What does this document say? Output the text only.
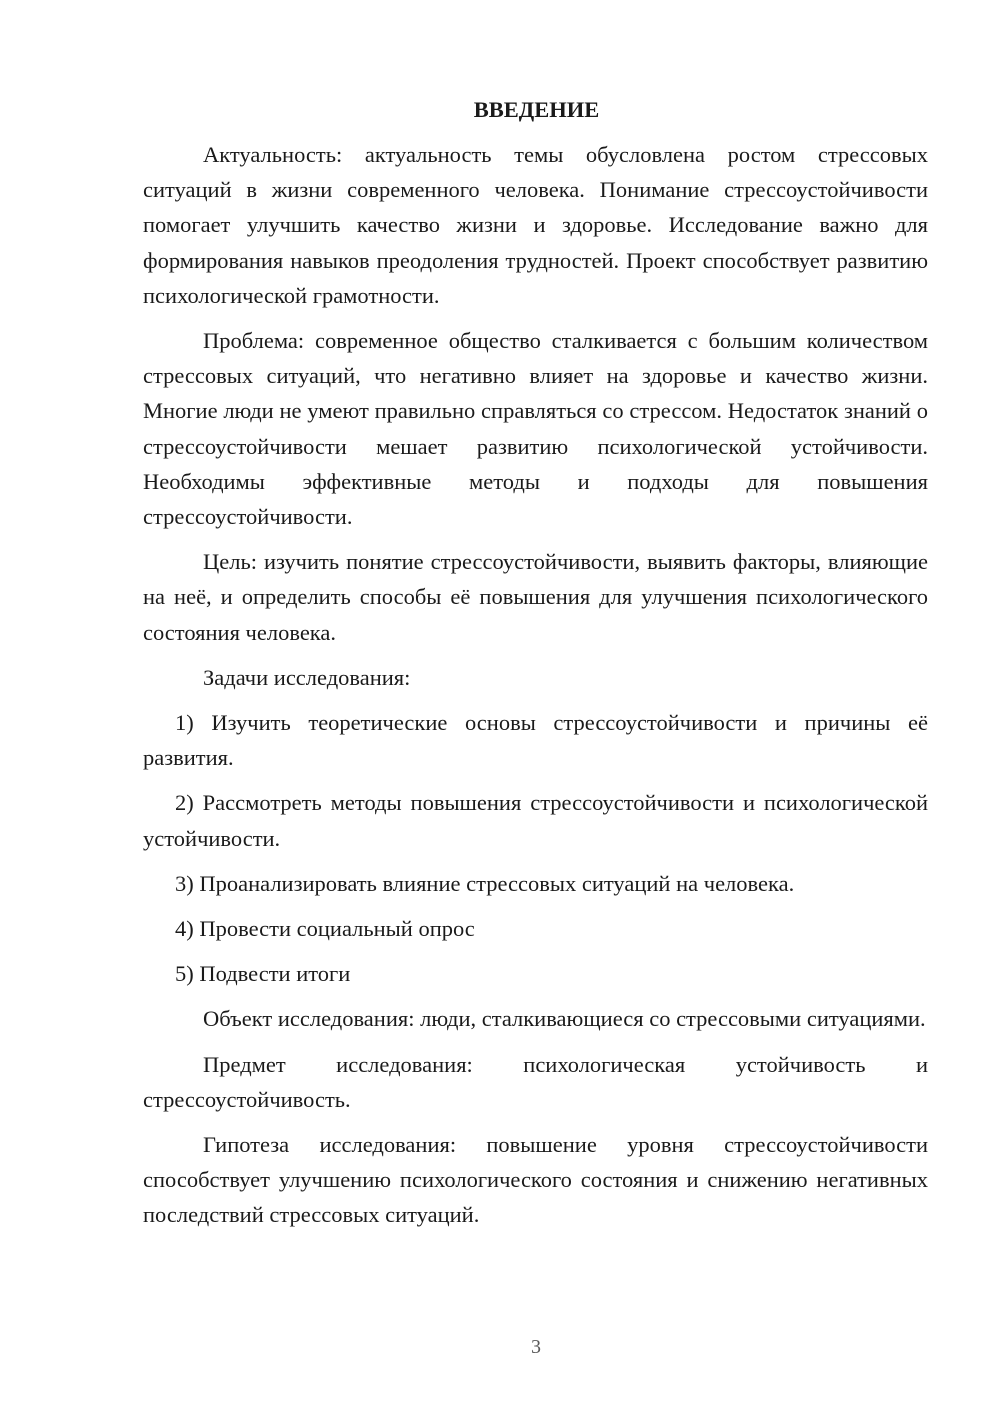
ВВЕДЕНИЕ

Актуальность: актуальность темы обусловлена ростом стрессовых ситуаций в жизни современного человека. Понимание стрессоустойчивости помогает улучшить качество жизни и здоровье. Исследование важно для формирования навыков преодоления трудностей. Проект способствует развитию психологической грамотности.

Проблема: современное общество сталкивается с большим количеством стрессовых ситуаций, что негативно влияет на здоровье и качество жизни. Многие люди не умеют правильно справляться со стрессом. Недостаток знаний о стрессоустойчивости мешает развитию психологической устойчивости. Необходимы эффективные методы и подходы для повышения стрессоустойчивости.

Цель: изучить понятие стрессоустойчивости, выявить факторы, влияющие на неё, и определить способы её повышения для улучшения психологического состояния человека.

Задачи исследования:

1) Изучить теоретические основы стрессоустойчивости и причины её развития.

2) Рассмотреть методы повышения стрессоустойчивости и психологической устойчивости.

3) Проанализировать влияние стрессовых ситуаций на человека.

4) Провести социальный опрос

5) Подвести итоги

Объект исследования: люди, сталкивающиеся со стрессовыми ситуациями.

Предмет исследования: психологическая устойчивость и стрессоустойчивость.

Гипотеза исследования: повышение уровня стрессоустойчивости способствует улучшению психологического состояния и снижению негативных последствий стрессовых ситуаций.

3
